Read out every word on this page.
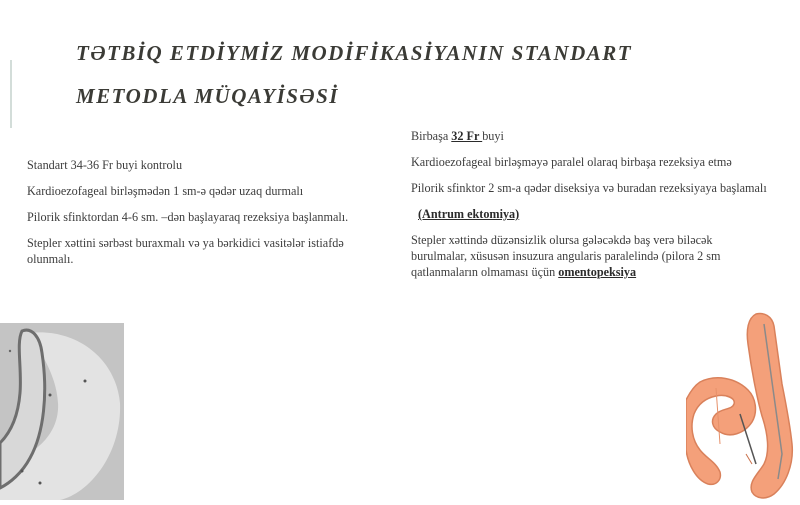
TƏTBİQ ETDİYMİZ MODİFİKASİYANIN STANDART
METODLA MÜQAYİSƏSİ

Standart 34-36 Fr buyi kontrolu

Kardioezofageal birləşmədən 1 sm-ə qədər uzaq durmalı

Pilorik sfinktordan 4-6 sm. –dən başlayaraq rezeksiya başlanmalı.

Stepler xəttini sərbəst buraxmalı və ya bərkidici vasitələr istiafdə olunmalı.

Birbaşa 32 Fr buyi

Kardioezofageal birləşməyə paralel olaraq birbaşa rezeksiya etmə

Pilorik sfinktor 2 sm-a qədər diseksiya və buradan rezeksiyaya başlamalı

(Antrum ektomiya)

Stepler xəttində düzənsizlik olursa gələcəkdə baş verə biləcək
burulmalar, xüsusən insuzura angularis paralelində (pilora 2 sm
qatlanmaların olmaması üçün omentopeksiya
